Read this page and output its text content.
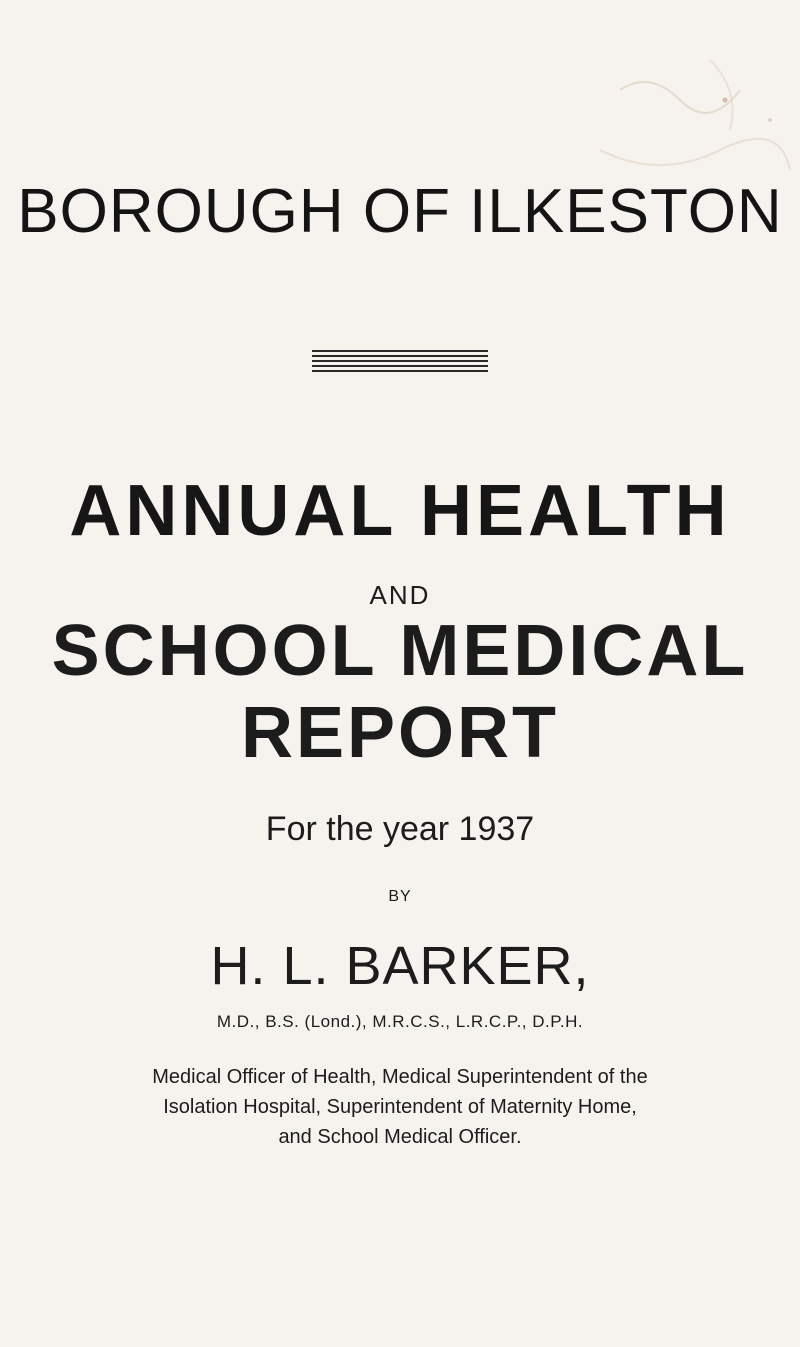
BOROUGH OF ILKESTON
ANNUAL HEALTH
AND
SCHOOL MEDICAL
REPORT
For the year 1937
BY
H. L. BARKER,
M.D., B.S. (Lond.), M.R.C.S., L.R.C.P., D.P.H.
Medical Officer of Health, Medical Superintendent of the Isolation Hospital, Superintendent of Maternity Home, and School Medical Officer.
